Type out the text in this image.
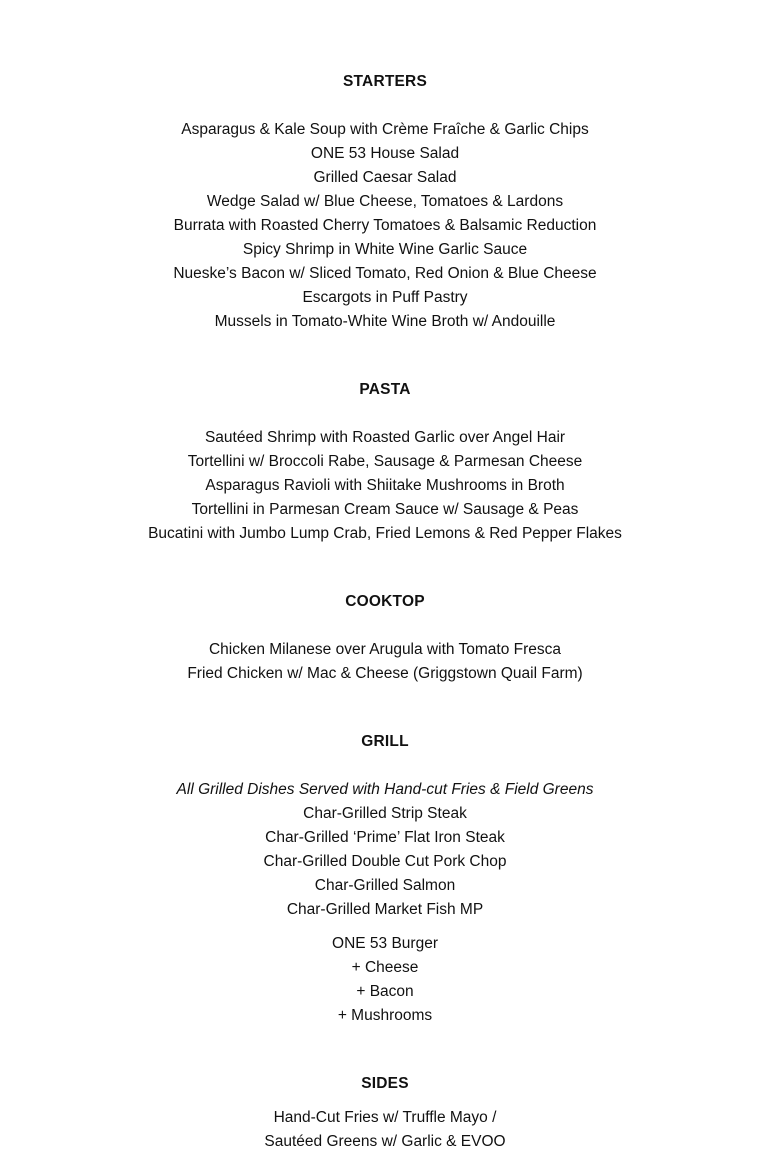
STARTERS
Asparagus & Kale Soup with Crème Fraîche & Garlic Chips
ONE 53 House Salad
Grilled Caesar Salad
Wedge Salad w/ Blue Cheese, Tomatoes & Lardons
Burrata with Roasted Cherry Tomatoes & Balsamic Reduction
Spicy Shrimp in White Wine Garlic Sauce
Nueske’s Bacon w/ Sliced Tomato, Red Onion & Blue Cheese
Escargots in Puff Pastry
Mussels in Tomato-White Wine Broth w/ Andouille
PASTA
Sautéed Shrimp with Roasted Garlic over Angel Hair
Tortellini w/ Broccoli Rabe, Sausage & Parmesan Cheese
Asparagus Ravioli with Shiitake Mushrooms in Broth
Tortellini in Parmesan Cream Sauce w/ Sausage & Peas
Bucatini with Jumbo Lump Crab, Fried Lemons & Red Pepper Flakes
COOKTOP
Chicken Milanese over Arugula with Tomato Fresca
Fried Chicken w/ Mac & Cheese (Griggstown Quail Farm)
GRILL
All Grilled Dishes Served with Hand-cut Fries & Field Greens
Char-Grilled Strip Steak
Char-Grilled ‘Prime’ Flat Iron Steak
Char-Grilled Double Cut Pork Chop
Char-Grilled Salmon
Char-Grilled Market Fish MP
ONE 53 Burger
+ Cheese
+ Bacon
+ Mushrooms
SIDES
Hand-Cut Fries w/ Truffle Mayo /
Sautéed Greens w/ Garlic & EVOO
